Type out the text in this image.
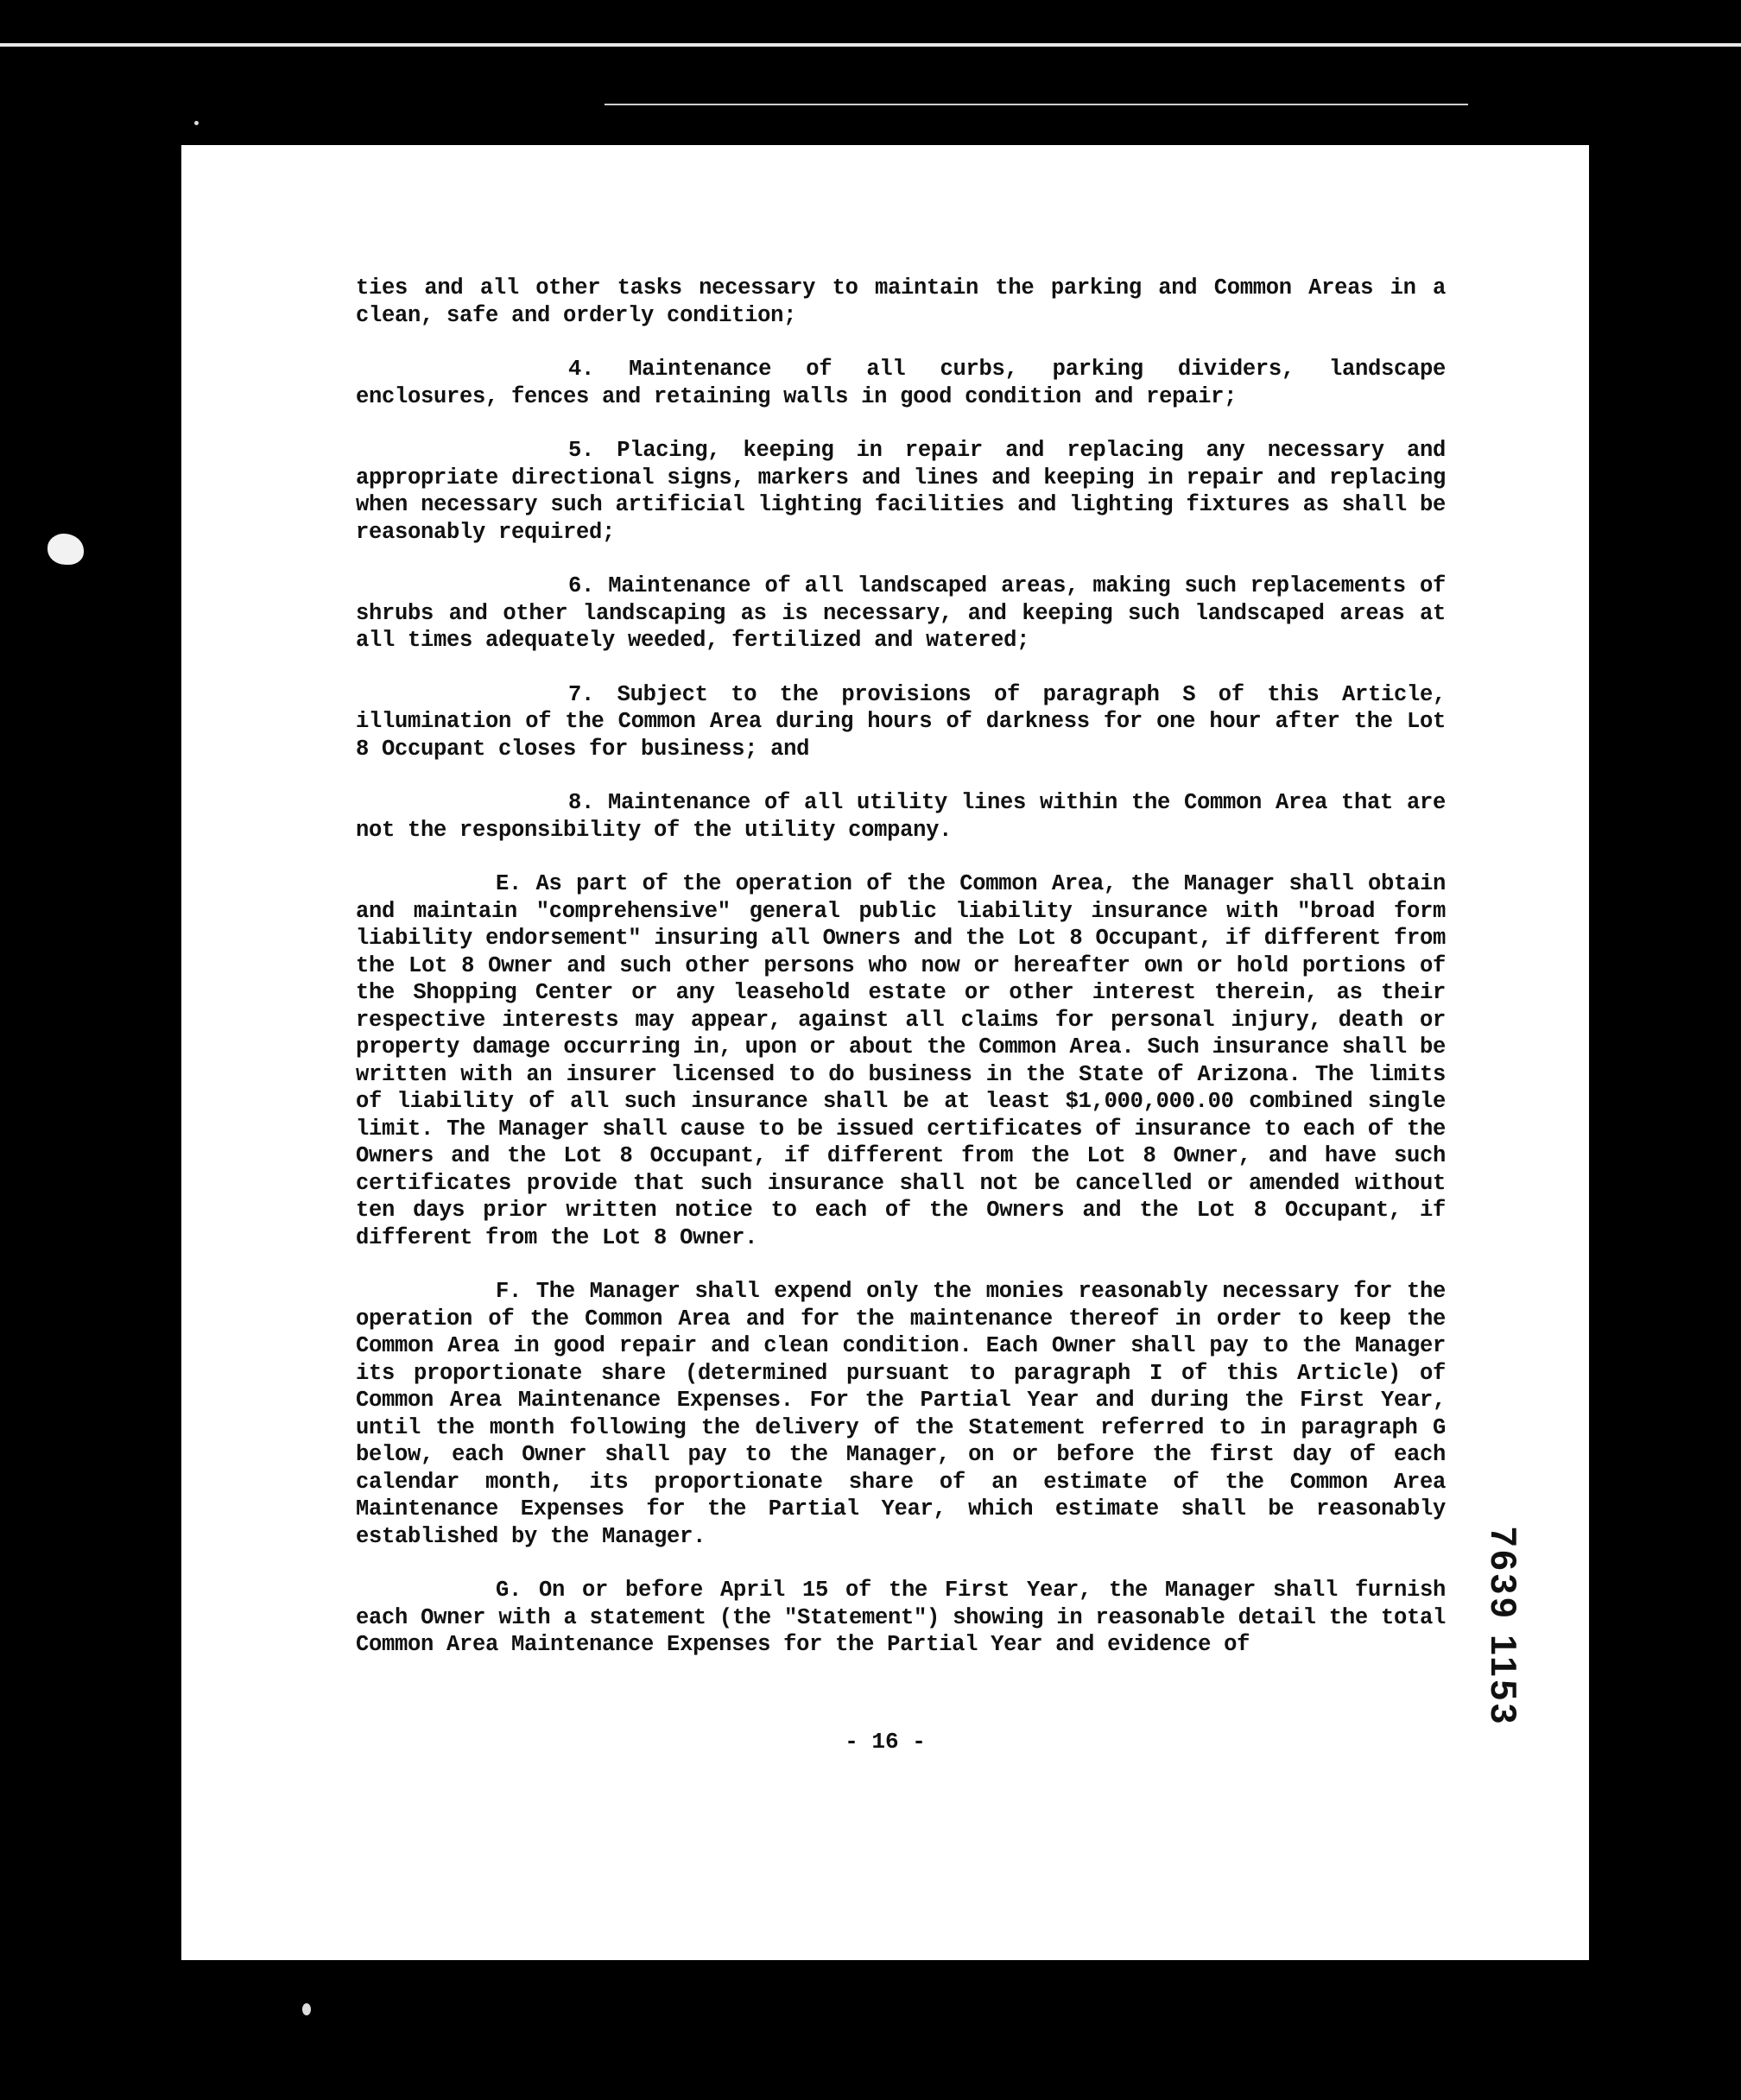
ties and all other tasks necessary to maintain the parking and Common Areas in a clean, safe and orderly condition;

4. Maintenance of all curbs, parking dividers, landscape enclosures, fences and retaining walls in good condition and repair;

5. Placing, keeping in repair and replacing any necessary and appropriate directional signs, markers and lines and keeping in repair and replacing when necessary such artificial lighting facilities and lighting fixtures as shall be reasonably required;

6. Maintenance of all landscaped areas, making such replacements of shrubs and other landscaping as is necessary, and keeping such landscaped areas at all times adequately weeded, fertilized and watered;

7. Subject to the provisions of paragraph S of this Article, illumination of the Common Area during hours of darkness for one hour after the Lot 8 Occupant closes for business; and

8. Maintenance of all utility lines within the Common Area that are not the responsibility of the utility company.

E. As part of the operation of the Common Area, the Manager shall obtain and maintain "comprehensive" general public liability insurance with "broad form liability endorsement" insuring all Owners and the Lot 8 Occupant, if different from the Lot 8 Owner and such other persons who now or hereafter own or hold portions of the Shopping Center or any leasehold estate or other interest therein, as their respective interests may appear, against all claims for personal injury, death or property damage occurring in, upon or about the Common Area. Such insurance shall be written with an insurer licensed to do business in the State of Arizona. The limits of liability of all such insurance shall be at least $1,000,000.00 combined single limit. The Manager shall cause to be issued certificates of insurance to each of the Owners and the Lot 8 Occupant, if different from the Lot 8 Owner, and have such certificates provide that such insurance shall not be cancelled or amended without ten days prior written notice to each of the Owners and the Lot 8 Occupant, if different from the Lot 8 Owner.

F. The Manager shall expend only the monies reasonably necessary for the operation of the Common Area and for the maintenance thereof in order to keep the Common Area in good repair and clean condition. Each Owner shall pay to the Manager its proportionate share (determined pursuant to paragraph I of this Article) of Common Area Maintenance Expenses. For the Partial Year and during the First Year, until the month following the delivery of the Statement referred to in paragraph G below, each Owner shall pay to the Manager, on or before the first day of each calendar month, its proportionate share of an estimate of the Common Area Maintenance Expenses for the Partial Year, which estimate shall be reasonably established by the Manager.

G. On or before April 15 of the First Year, the Manager shall furnish each Owner with a statement (the "Statement") showing in reasonable detail the total Common Area Maintenance Expenses for the Partial Year and evidence of

- 16 -
7639 1153
